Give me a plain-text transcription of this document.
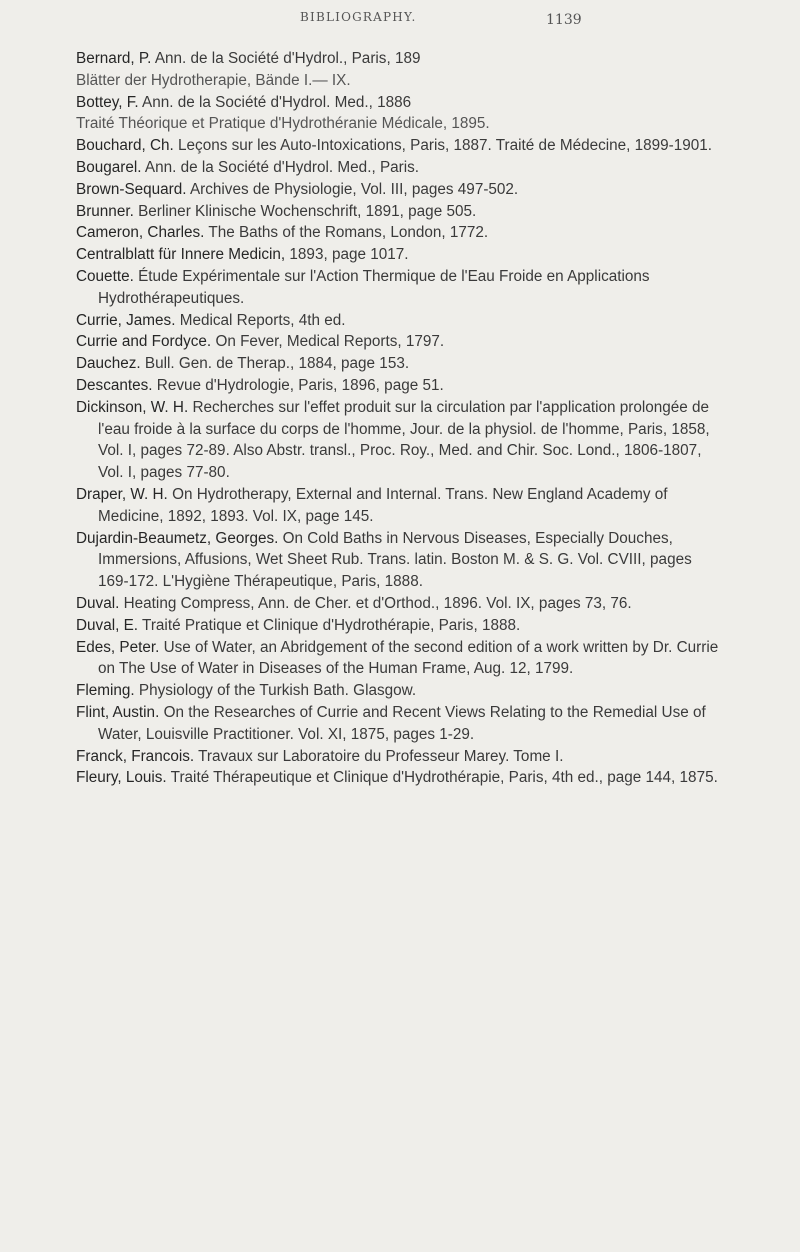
BIBLIOGRAPHY.	1139

Bernard, P. Ann. de la Société d'Hydrol., Paris, 189

Blätter der Hydrotherapie, Bände I.— IX.

Bottey, F. Ann. de la Société d'Hydrol. Med., 1886

Traité Théorique et Pratique d'Hydrothéranie Médicale, 1895.

Bouchard, Ch. Leçons sur les Auto-Intoxications, Paris, 1887. Traité de Médecine, 1899-1901.

Bougarel. Ann. de la Société d'Hydrol. Med., Paris.

Brown-Sequard. Archives de Physiologie, Vol. III, pages 497-502.

Brunner. Berliner Klinische Wochenschrift, 1891, page 505.

Cameron, Charles. The Baths of the Romans, London, 1772.

Centralblatt für Innere Medicin, 1893, page 1017.

Couette. Étude Expérimentale sur l'Action Thermique de l'Eau Froide en Applications Hydrothérapeutiques.

Currie, James. Medical Reports, 4th ed.

Currie and Fordyce. On Fever, Medical Reports, 1797.

Dauchez. Bull. Gen. de Therap., 1884, page 153.

Descantes. Revue d'Hydrologie, Paris, 1896, page 51.

Dickinson, W. H. Recherches sur l'effet produit sur la circulation par l'application prolongée de l'eau froide à la surface du corps de l'homme, Jour. de la physiol. de l'homme, Paris, 1858, Vol. I, pages 72-89. Also Abstr. transl., Proc. Roy., Med. and Chir. Soc. Lond., 1806-1807, Vol. I, pages 77-80.

Draper, W. H. On Hydrotherapy, External and Internal. Trans. New England Academy of Medicine, 1892, 1893. Vol. IX, page 145.

Dujardin-Beaumetz, Georges. On Cold Baths in Nervous Diseases, Especially Douches, Immersions, Affusions, Wet Sheet Rub. Trans. latin. Boston M. & S. G. Vol. CVIII, pages 169-172. L'Hygiène Thérapeutique, Paris, 1888.

Duval. Heating Compress, Ann. de Cher. et d'Orthod., 1896. Vol. IX, pages 73, 76.

Duval, E. Traité Pratique et Clinique d'Hydrothérapie, Paris, 1888.

Edes, Peter. Use of Water, an Abridgement of the second edition of a work written by Dr. Currie on The Use of Water in Diseases of the Human Frame, Aug. 12, 1799.

Fleming. Physiology of the Turkish Bath. Glasgow.

Flint, Austin. On the Researches of Currie and Recent Views Relating to the Remedial Use of Water, Louisville Practitioner. Vol. XI, 1875, pages 1-29.

Franck, Francois. Travaux sur Laboratoire du Professeur Marey. Tome I.

Fleury, Louis. Traité Thérapeutique et Clinique d'Hydrothérapie, Paris, 4th ed., page 144, 1875.
